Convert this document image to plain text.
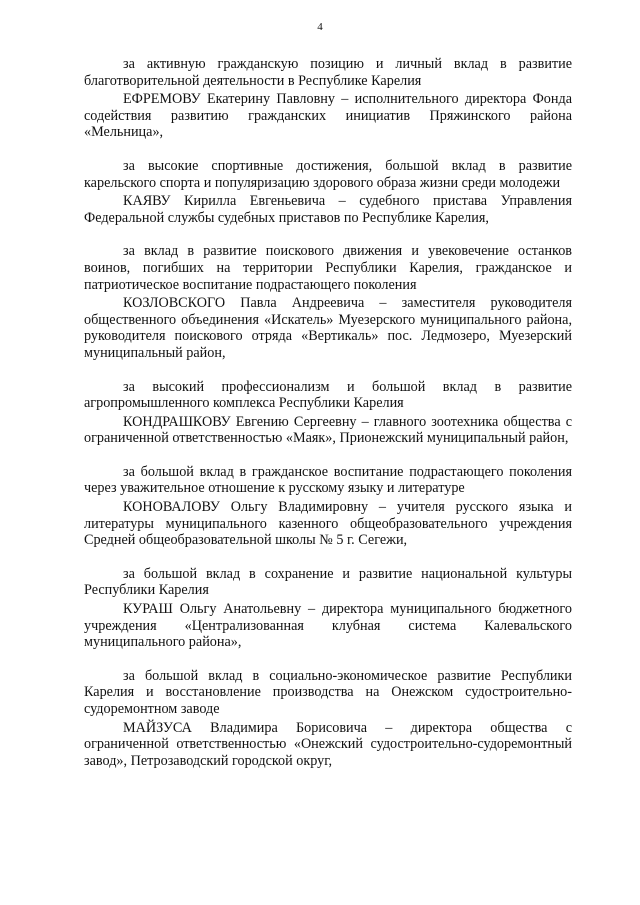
4

за активную гражданскую позицию и личный вклад в развитие благотворительной деятельности в Республике Карелия

ЕФРЕМОВУ Екатерину Павловну – исполнительного директора Фонда содействия развитию гражданских инициатив Пряжинского района «Мельница»,

за высокие спортивные достижения, большой вклад в развитие карельского спорта и популяризацию здорового образа жизни среди молодежи

КАЯВУ Кирилла Евгеньевича – судебного пристава Управления Федеральной службы судебных приставов по Республике Карелия,

за вклад в развитие поискового движения и увековечение останков воинов, погибших на территории Республики Карелия, гражданское и патриотическое воспитание подрастающего поколения

КОЗЛОВСКОГО Павла Андреевича – заместителя руководителя общественного объединения «Искатель» Муезерского муниципального района, руководителя поискового отряда «Вертикаль» пос. Ледмозеро, Муезерский муниципальный район,

за высокий профессионализм и большой вклад в развитие агропромышленного комплекса Республики Карелия

КОНДРАШКОВУ Евгению Сергеевну – главного зоотехника общества с ограниченной ответственностью «Маяк», Прионежский муниципальный район,

за большой вклад в гражданское воспитание подрастающего поколения через уважительное отношение к русскому языку и литературе

КОНОВАЛОВУ Ольгу Владимировну – учителя русского языка и литературы муниципального казенного общеобразовательного учреждения Средней общеобразовательной школы № 5 г. Сегежи,

за большой вклад в сохранение и развитие национальной культуры Республики Карелия

КУРАШ Ольгу Анатольевну – директора муниципального бюджетного учреждения «Централизованная клубная система Калевальского муниципального района»,

за большой вклад в социально-экономическое развитие Республики Карелия и восстановление производства на Онежском судостроительно-судоремонтном заводе

МАЙЗУСА Владимира Борисовича – директора общества с ограниченной ответственностью «Онежский судостроительно-судоремонтный завод», Петрозаводский городской округ,
